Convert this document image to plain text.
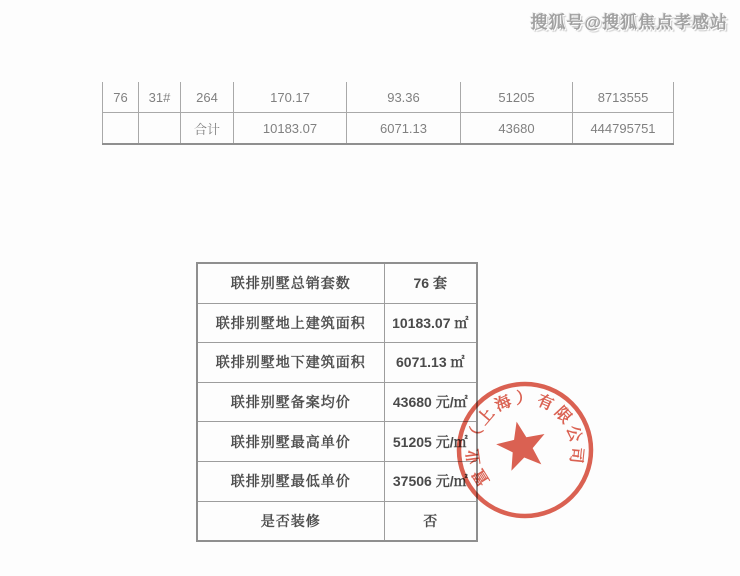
搜狐号@搜狐焦点孝感站
76	31#	264	170.17	93.36	51205	8713555
		合计	10183.07	6071.13	43680	444795751
联排别墅总销套数	76 套
联排别墅地上建筑面积	10183.07 ㎡
联排别墅地下建筑面积	6071.13 ㎡
联排别墅备案均价	43680 元/㎡
联排别墅最高单价	51205 元/㎡
联排别墅最低单价	37506 元/㎡
是否装修	否
置
业
（
上
海 ） 有
限
公
司
